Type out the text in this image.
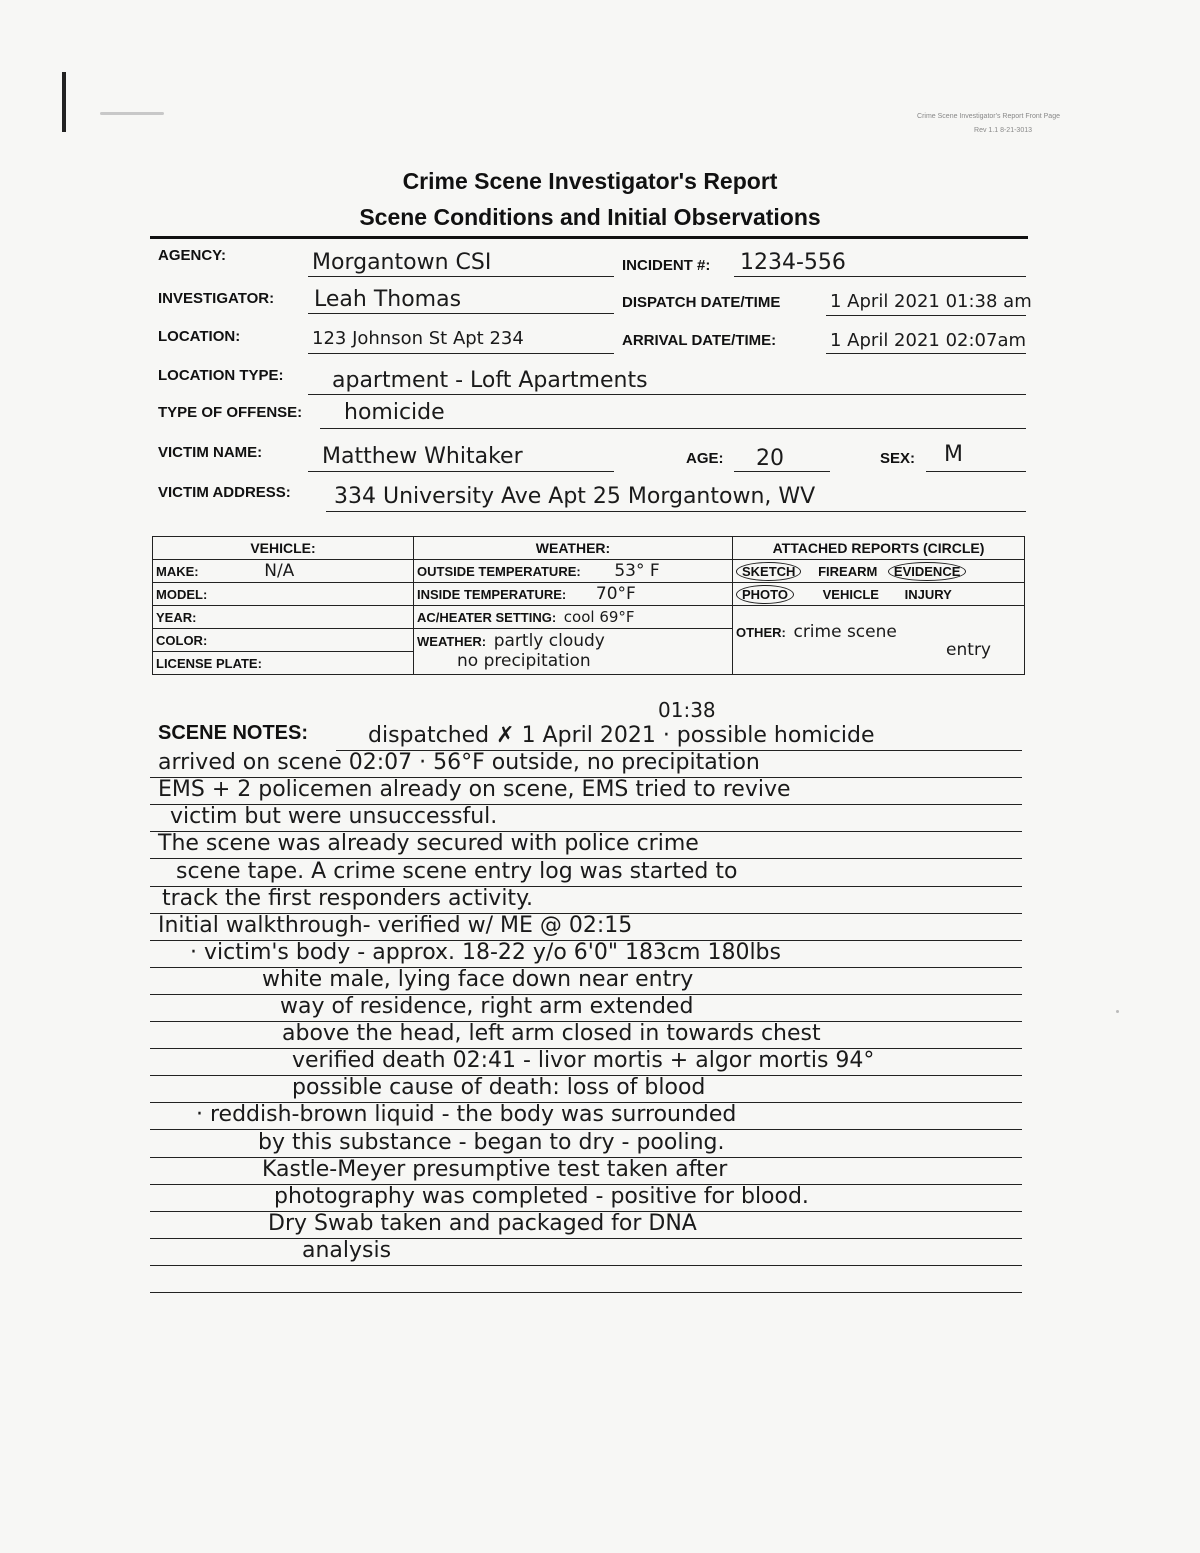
Crime Scene Investigator's Report Front Page
Rev 1.1 8-21-3013
Crime Scene Investigator's Report
Scene Conditions and Initial Observations
AGENCY:	Morgantown CSI	INCIDENT #: 1234-556
INVESTIGATOR: Leah Thomas	DISPATCH DATE/TIME	1 April 2021 01:38 am
LOCATION:	123 Johnson St Apt 234	ARRIVAL DATE/TIME:	1 April 2021 02:07am
LOCATION TYPE: apartment - Loft Apartments
TYPE OF OFFENSE: homicide
VICTIM NAME:	Matthew Whitaker	AGE: 20	SEX: M
VICTIM ADDRESS: 334 University Ave Apt 25 Morgantown, WV
VEHICLE:	WEATHER:	ATTACHED REPORTS (CIRCLE)
MAKE: N/A	OUTSIDE TEMPERATURE: 53° F	SKETCH FIREARM EVIDENCE
MODEL:	INSIDE TEMPERATURE: 70°F	PHOTO VEHICLE INJURY
YEAR:	AC/HEATER SETTING: cool 69°F	OTHER: crime scene
entry

COLOR:	WEATHER: partly cloudy
no precipitation	

LICENSE PLATE:		
SCENE NOTES:
01:38
dispatched ✗ 1 April 2021 · possible homicide
arrived on scene 02:07 · 56°F outside, no precipitation
EMS + 2 policemen already on scene, EMS tried to revive
victim but were unsuccessful.
The scene was already secured with police crime
scene tape. A crime scene entry log was started to
track the first responders activity.
Initial walkthrough- verified w/ ME @ 02:15
· victim's body - approx. 18-22 y/o 6'0" 183cm 180lbs
white male, lying face down near entry
way of residence, right arm extended
above the head, left arm closed in towards chest
verified death 02:41 - livor mortis + algor mortis 94°
possible cause of death: loss of blood
· reddish-brown liquid - the body was surrounded
by this substance - began to dry - pooling.
Kastle-Meyer presumptive test taken after
photography was completed - positive for blood.
Dry Swab taken and packaged for DNA
analysis
